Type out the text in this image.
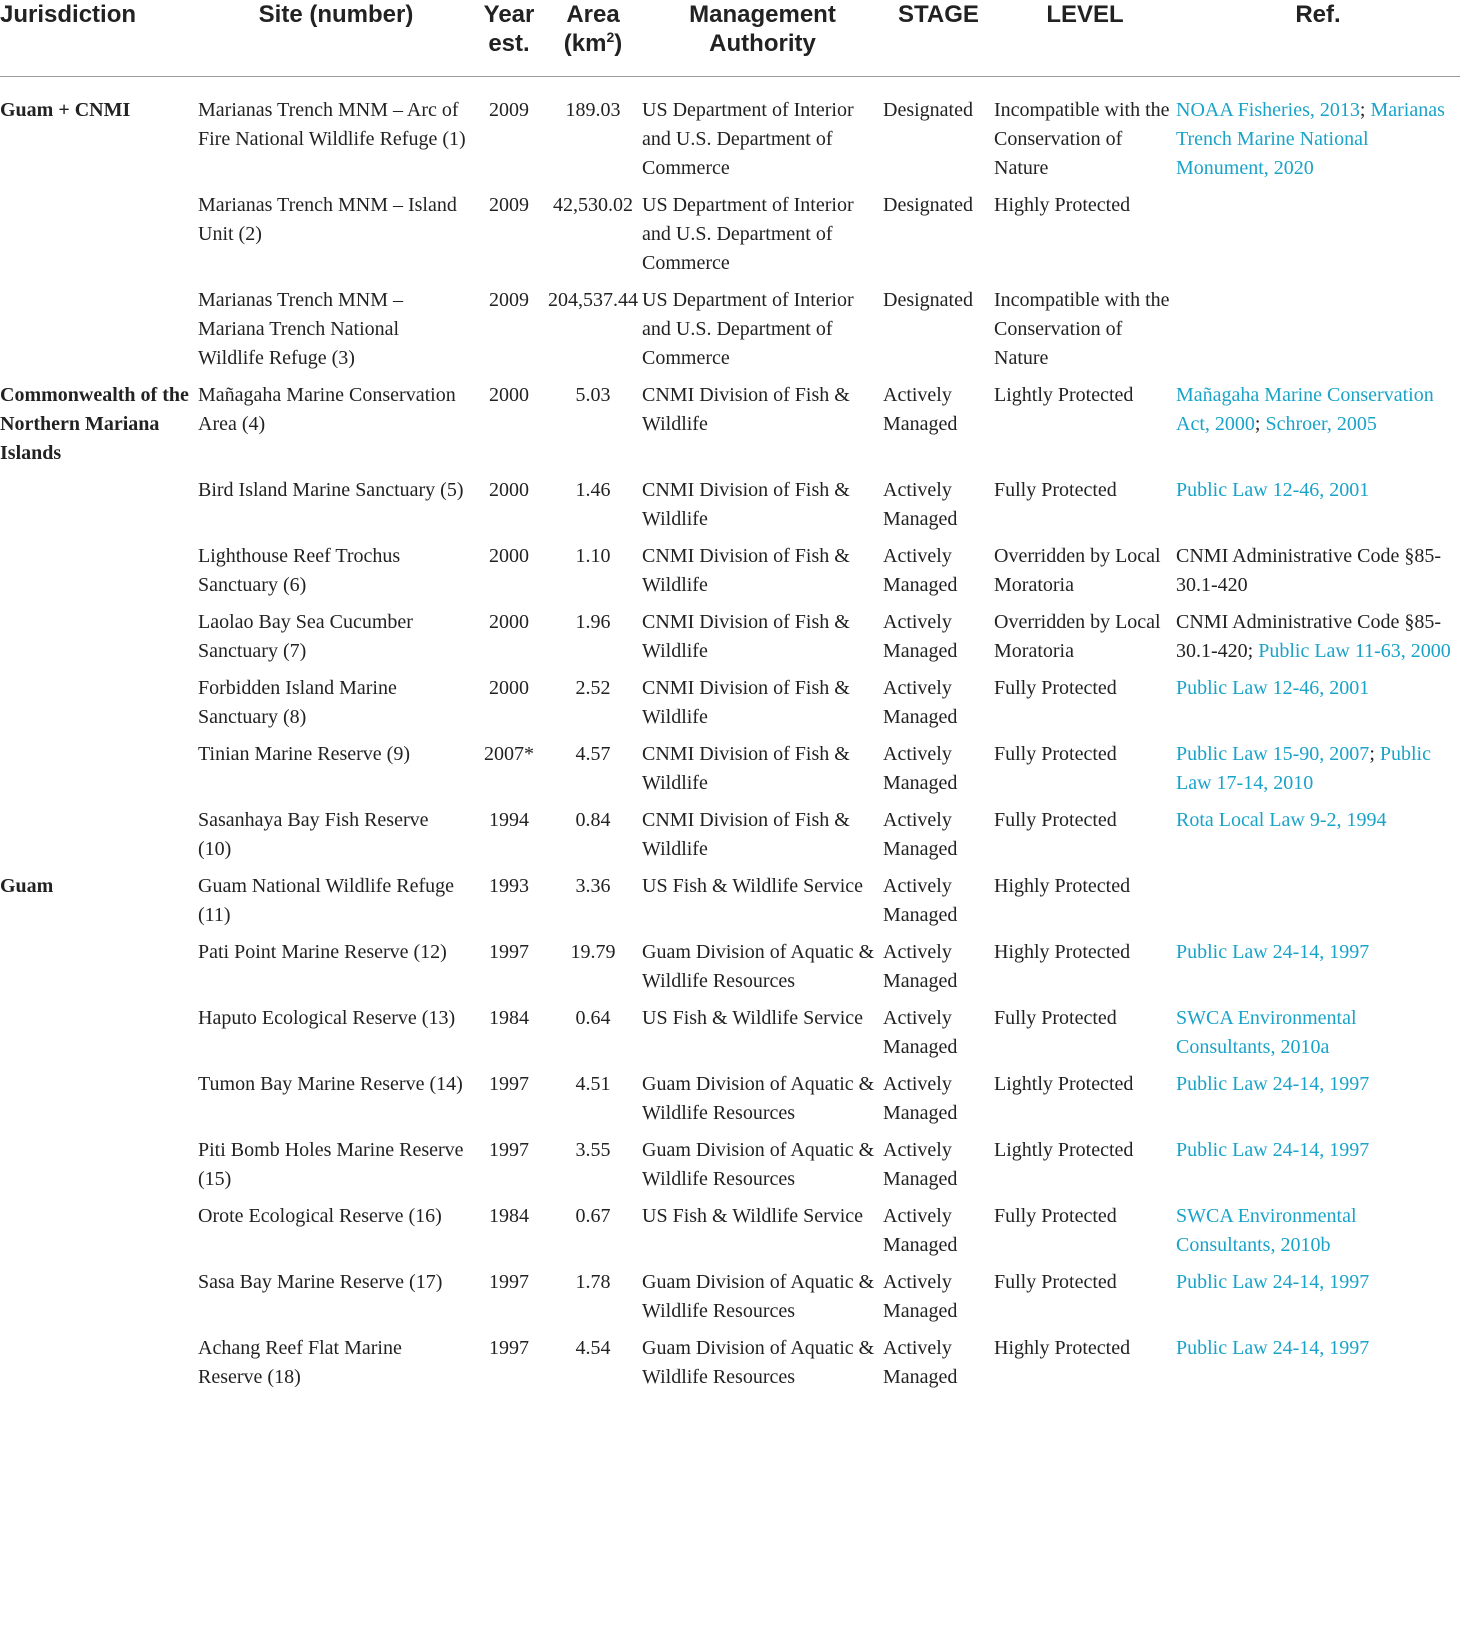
Jurisdiction	Site (number)	Year est.	Area $(km^2)$	Management Authority	STAGE	LEVEL	Ref.
Guam + CNMI	Marianas Trench MNM – Arc of Fire National Wildlife Refuge (1)	2009	189.03	US Department of Interior and U.S. Department of Commerce	Designated	Incompatible with the Conservation of Nature	NOAA Fisheries, 2013; Marianas Trench Marine National Monument, 2020
	Marianas Trench MNM – Island Unit (2)	2009	42,530.02	US Department of Interior and U.S. Department of Commerce	Designated	Highly Protected	
	Marianas Trench MNM – Mariana Trench National Wildlife Refuge (3)	2009	204,537.44	US Department of Interior and U.S. Department of Commerce	Designated	Incompatible with the Conservation of Nature	
Commonwealth of the Northern Mariana Islands	Mañagaha Marine Conservation Area (4)	2000	5.03	CNMI Division of Fish & Wildlife	Actively Managed	Lightly Protected	Mañagaha Marine Conservation Act, 2000; Schroer, 2005
	Bird Island Marine Sanctuary (5)	2000	1.46	CNMI Division of Fish & Wildlife	Actively Managed	Fully Protected	Public Law 12-46, 2001
	Lighthouse Reef Trochus Sanctuary (6)	2000	1.10	CNMI Division of Fish & Wildlife	Actively Managed	Overridden by Local Moratoria	CNMI Administrative Code §85-30.1-420
	Laolao Bay Sea Cucumber Sanctuary (7)	2000	1.96	CNMI Division of Fish & Wildlife	Actively Managed	Overridden by Local Moratoria	CNMI Administrative Code §85-30.1-420; Public Law 11-63, 2000
	Forbidden Island Marine Sanctuary (8)	2000	2.52	CNMI Division of Fish & Wildlife	Actively Managed	Fully Protected	Public Law 12-46, 2001
	Tinian Marine Reserve (9)	2007*	4.57	CNMI Division of Fish & Wildlife	Actively Managed	Fully Protected	Public Law 15-90, 2007; Public Law 17-14, 2010
	Sasanhaya Bay Fish Reserve (10)	1994	0.84	CNMI Division of Fish & Wildlife	Actively Managed	Fully Protected	Rota Local Law 9-2, 1994
Guam	Guam National Wildlife Refuge (11)	1993	3.36	US Fish & Wildlife Service	Actively Managed	Highly Protected	
	Pati Point Marine Reserve (12)	1997	19.79	Guam Division of Aquatic & Wildlife Resources	Actively Managed	Highly Protected	Public Law 24-14, 1997
	Haputo Ecological Reserve (13)	1984	0.64	US Fish & Wildlife Service	Actively Managed	Fully Protected	SWCA Environmental Consultants, 2010a
	Tumon Bay Marine Reserve (14)	1997	4.51	Guam Division of Aquatic & Wildlife Resources	Actively Managed	Lightly Protected	Public Law 24-14, 1997
	Piti Bomb Holes Marine Reserve (15)	1997	3.55	Guam Division of Aquatic & Wildlife Resources	Actively Managed	Lightly Protected	Public Law 24-14, 1997
	Orote Ecological Reserve (16)	1984	0.67	US Fish & Wildlife Service	Actively Managed	Fully Protected	SWCA Environmental Consultants, 2010b
	Sasa Bay Marine Reserve (17)	1997	1.78	Guam Division of Aquatic & Wildlife Resources	Actively Managed	Fully Protected	Public Law 24-14, 1997
	Achang Reef Flat Marine Reserve (18)	1997	4.54	Guam Division of Aquatic & Wildlife Resources	Actively Managed	Highly Protected	Public Law 24-14, 1997
